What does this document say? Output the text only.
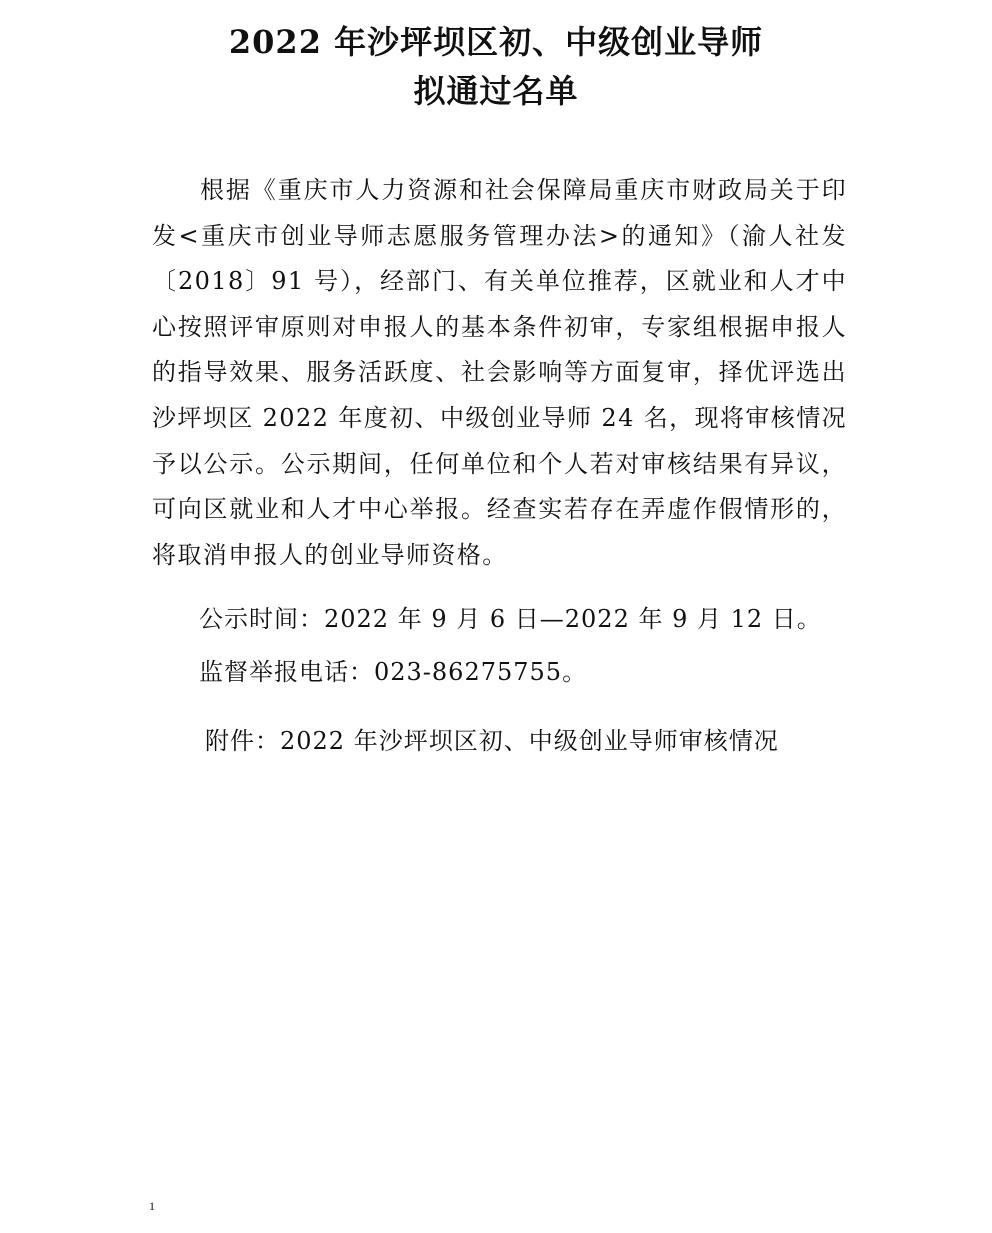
2022 年沙坪坝区初、中级创业导师
拟通过名单
根据《重庆市人力资源和社会保障局重庆市财政局关于印发<重庆市创业导师志愿服务管理办法>的通知》（渝人社发〔2018〕91 号），经部门、有关单位推荐，区就业和人才中心按照评审原则对申报人的基本条件初审，专家组根据申报人的指导效果、服务活跃度、社会影响等方面复审，择优评选出沙坪坝区 2022 年度初、中级创业导师 24 名，现将审核情况予以公示。公示期间，任何单位和个人若对审核结果有异议，可向区就业和人才中心举报。经查实若存在弄虚作假情形的，将取消申报人的创业导师资格。
公示时间：2022 年 9 月 6 日—2022 年 9 月 12 日。
监督举报电话：023-86275755。
附件：2022 年沙坪坝区初、中级创业导师审核情况
1
